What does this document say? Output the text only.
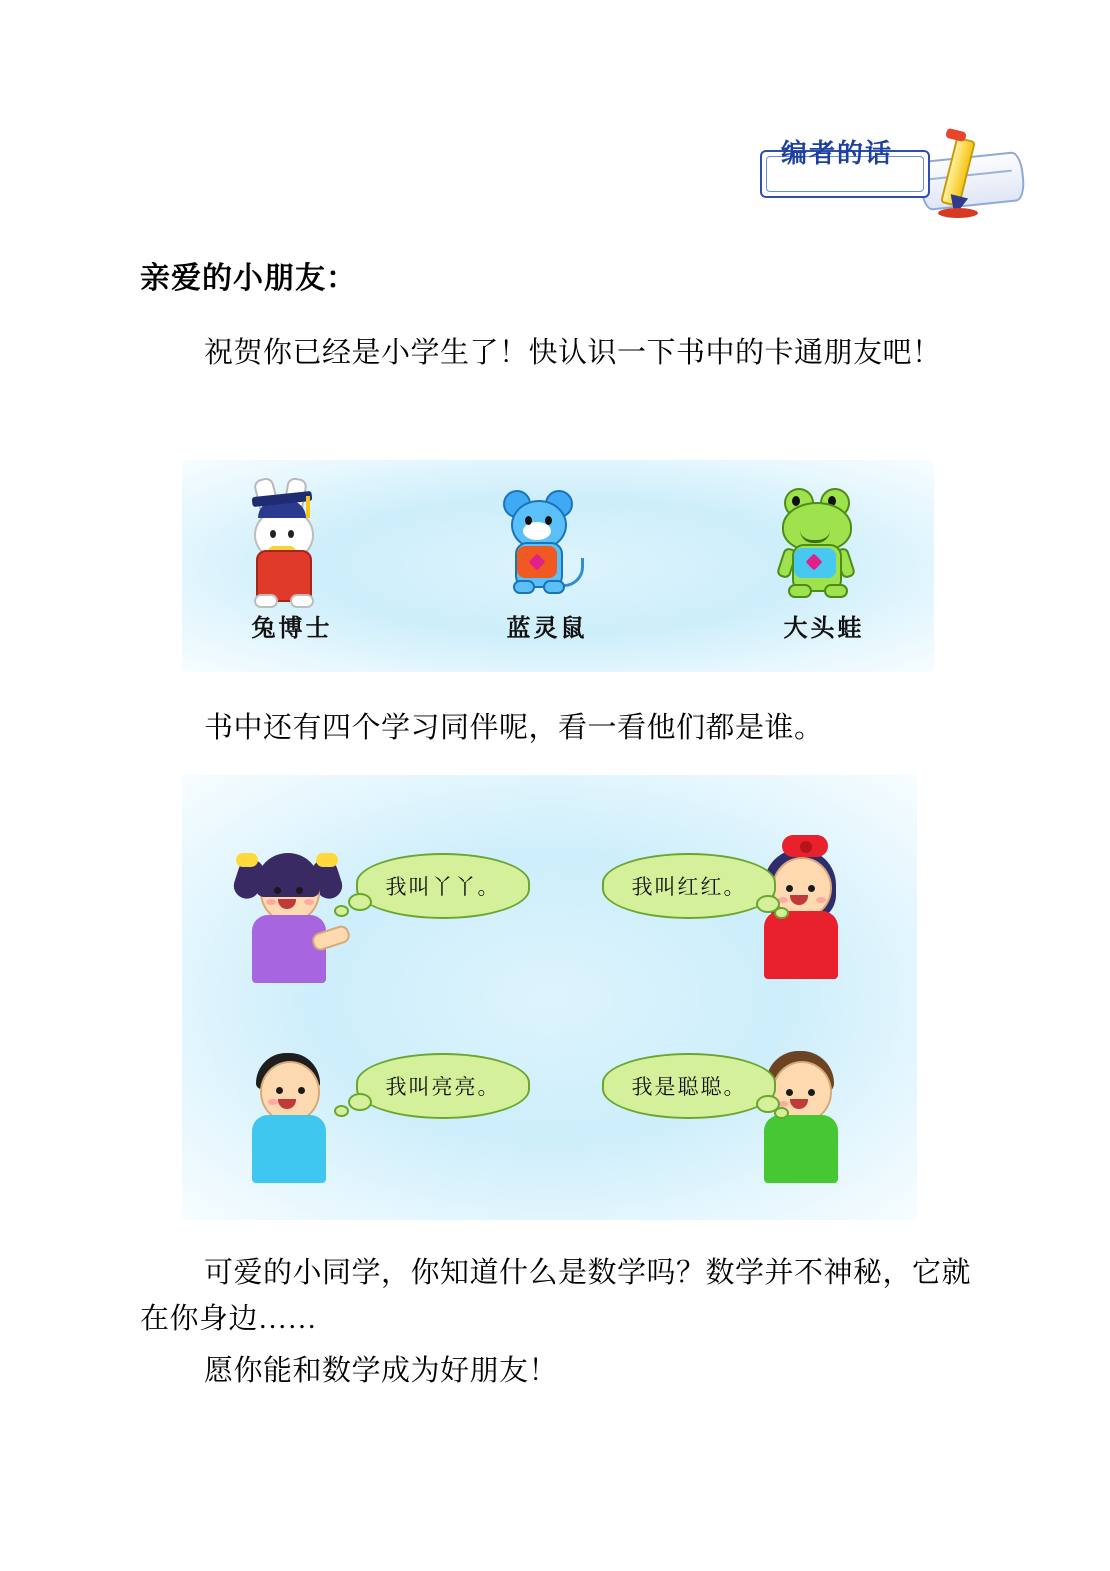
编者的话
亲爱的小朋友：
祝贺你已经是小学生了！快认识一下书中的卡通朋友吧！
兔博士	蓝灵鼠	大头蛙
书中还有四个学习同伴呢，看一看他们都是谁。
我叫丫丫。	我叫红红。
我叫亮亮。	我是聪聪。
可爱的小同学，你知道什么是数学吗？数学并不神秘，它就在你身边……
愿你能和数学成为好朋友！
